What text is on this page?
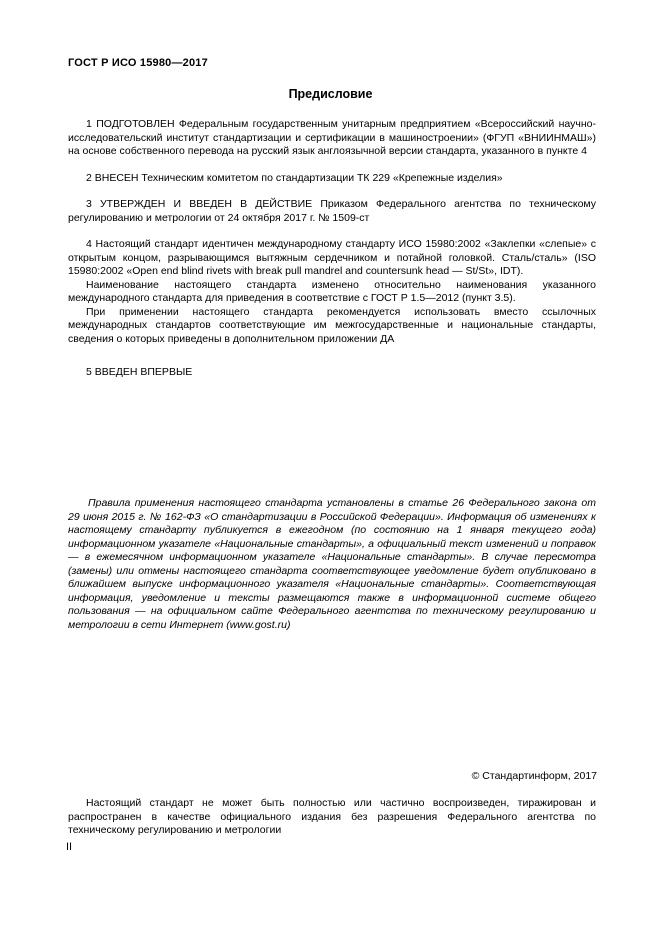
ГОСТ Р ИСО 15980—2017
Предисловие

1 ПОДГОТОВЛЕН Федеральным государственным унитарным предприятием «Всероссийский научно-исследовательский институт стандартизации и сертификации в машиностроении» (ФГУП «ВНИИНМАШ») на основе собственного перевода на русский язык англоязычной версии стандарта, указанного в пункте 4

2 ВНЕСЕН Техническим комитетом по стандартизации ТК 229 «Крепежные изделия»

3 УТВЕРЖДЕН И ВВЕДЕН В ДЕЙСТВИЕ Приказом Федерального агентства по техническому регулированию и метрологии от 24 октября 2017 г. № 1509-ст

4 Настоящий стандарт идентичен международному стандарту ИСО 15980:2002 «Заклепки «слепые» с открытым концом, разрывающимся вытяжным сердечником и потайной головкой. Сталь/сталь» (ISO 15980:2002 «Open end blind rivets with break pull mandrel and countersunk head — St/St», IDT).

Наименование настоящего стандарта изменено относительно наименования указанного международного стандарта для приведения в соответствие с ГОСТ Р 1.5—2012 (пункт 3.5).

При применении настоящего стандарта рекомендуется использовать вместо ссылочных международных стандартов соответствующие им межгосударственные и национальные стандарты, сведения о которых приведены в дополнительном приложении ДА

5 ВВЕДЕН ВПЕРВЫЕ

Правила применения настоящего стандарта установлены в статье 26 Федерального закона от 29 июня 2015 г. № 162-ФЗ «О стандартизации в Российской Федерации». Информация об изменениях к настоящему стандарту публикуется в ежегодном (по состоянию на 1 января текущего года) информационном указателе «Национальные стандарты», а официальный текст изменений и поправок — в ежемесячном информационном указателе «Национальные стандарты». В случае пересмотра (замены) или отмены настоящего стандарта соответствующее уведомление будет опубликовано в ближайшем выпуске информационного указателя «Национальные стандарты». Соответствующая информация, уведомление и тексты размещаются также в информационной системе общего пользования — на официальном сайте Федерального агентства по техническому регулированию и метрологии в сети Интернет (www.gost.ru)

© Стандартинформ, 2017

Настоящий стандарт не может быть полностью или частично воспроизведен, тиражирован и распространен в качестве официального издания без разрешения Федерального агентства по техническому регулированию и метрологии

II
